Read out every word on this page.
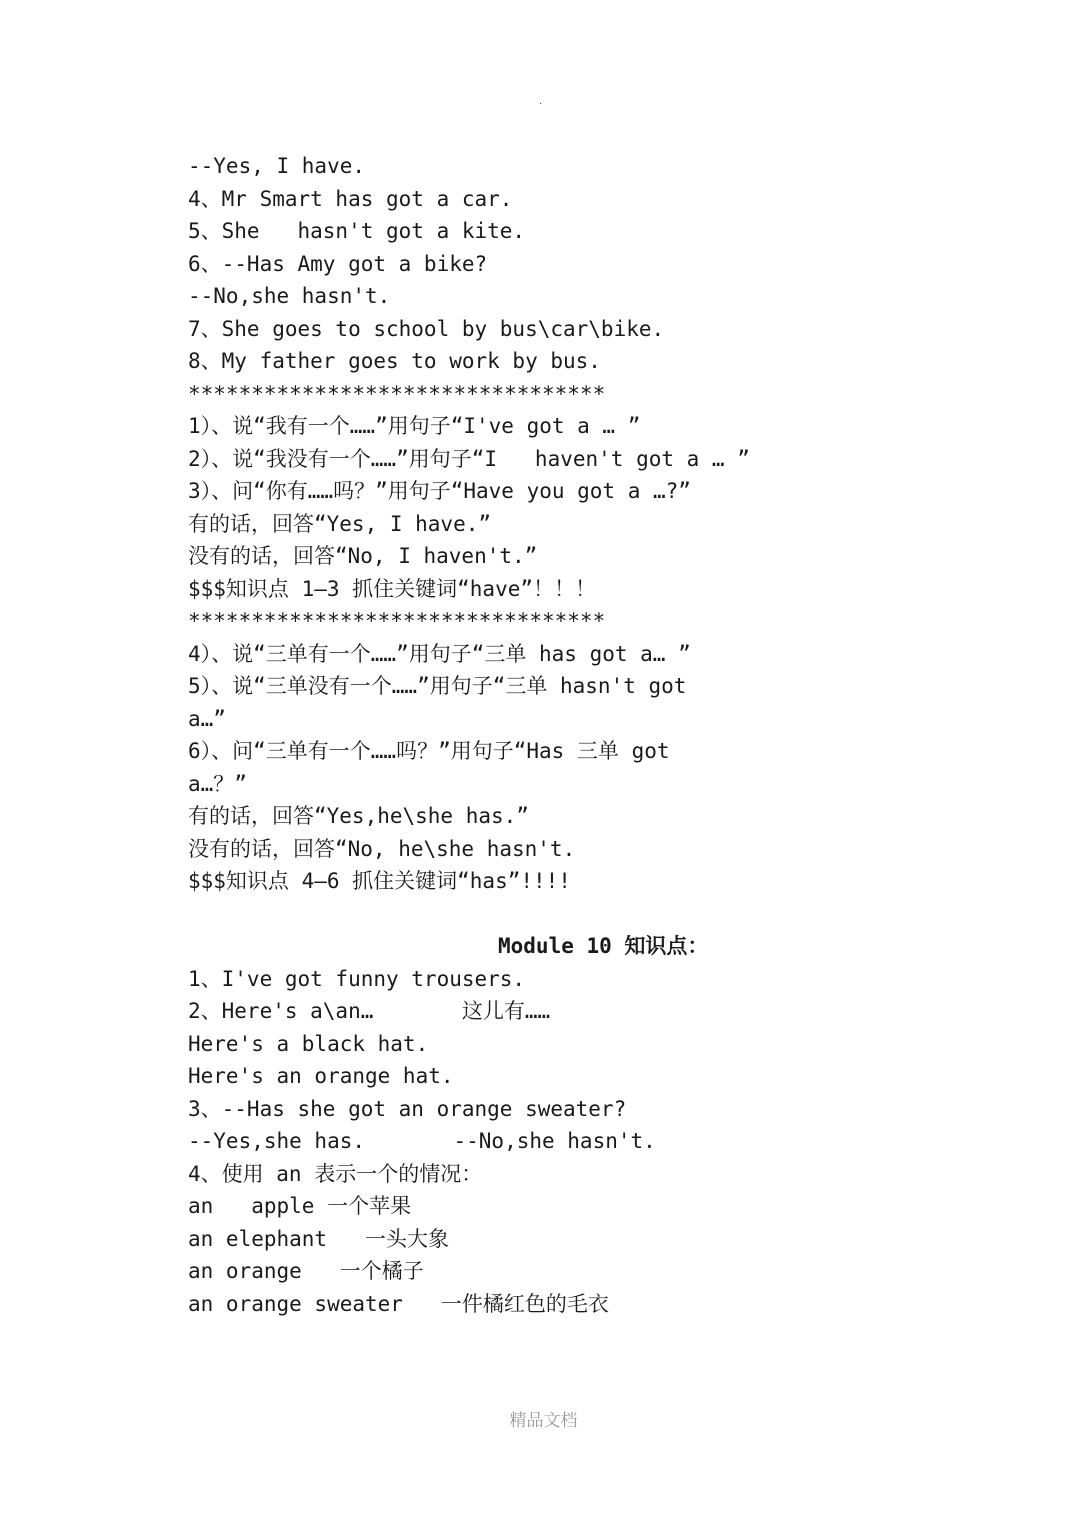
.
--Yes, I have.
4、Mr Smart has got a car.
5、She   hasn't got a kite.
6、--Has Amy got a bike?
--No,she hasn't.
7、She goes to school by bus\car\bike.
8、My father goes to work by bus.
*********************************
1）、说“我有一个……”用句子“I've got a … ”
2）、说“我没有一个……”用句子“I   haven't got a … ”
3）、问“你有……吗？”用句子“Have you got a …?”
有的话，回答“Yes, I have.”
没有的话，回答“No, I haven't.”
$$$知识点 1—3 抓住关键词“have”！！！
*********************************
4）、说“三单有一个……”用句子“三单 has got a… ”
5）、说“三单没有一个……”用句子“三单 hasn't got
a…”
6）、问“三单有一个……吗？”用句子“Has 三单 got
a…？”
有的话，回答“Yes,he\she has.”
没有的话，回答“No, he\she hasn't.
$$$知识点 4—6 抓住关键词“has”!!!!
Module 10 知识点：
1、I've got funny trousers.
2、Here's a\an…       这儿有……
Here's a black hat.
Here's an orange hat.
3、--Has she got an orange sweater?
--Yes,she has.       --No,she hasn't.
4、使用 an 表示一个的情况：
an   apple 一个苹果
an elephant   一头大象
an orange   一个橘子
an orange sweater   一件橘红色的毛衣
精品文档
